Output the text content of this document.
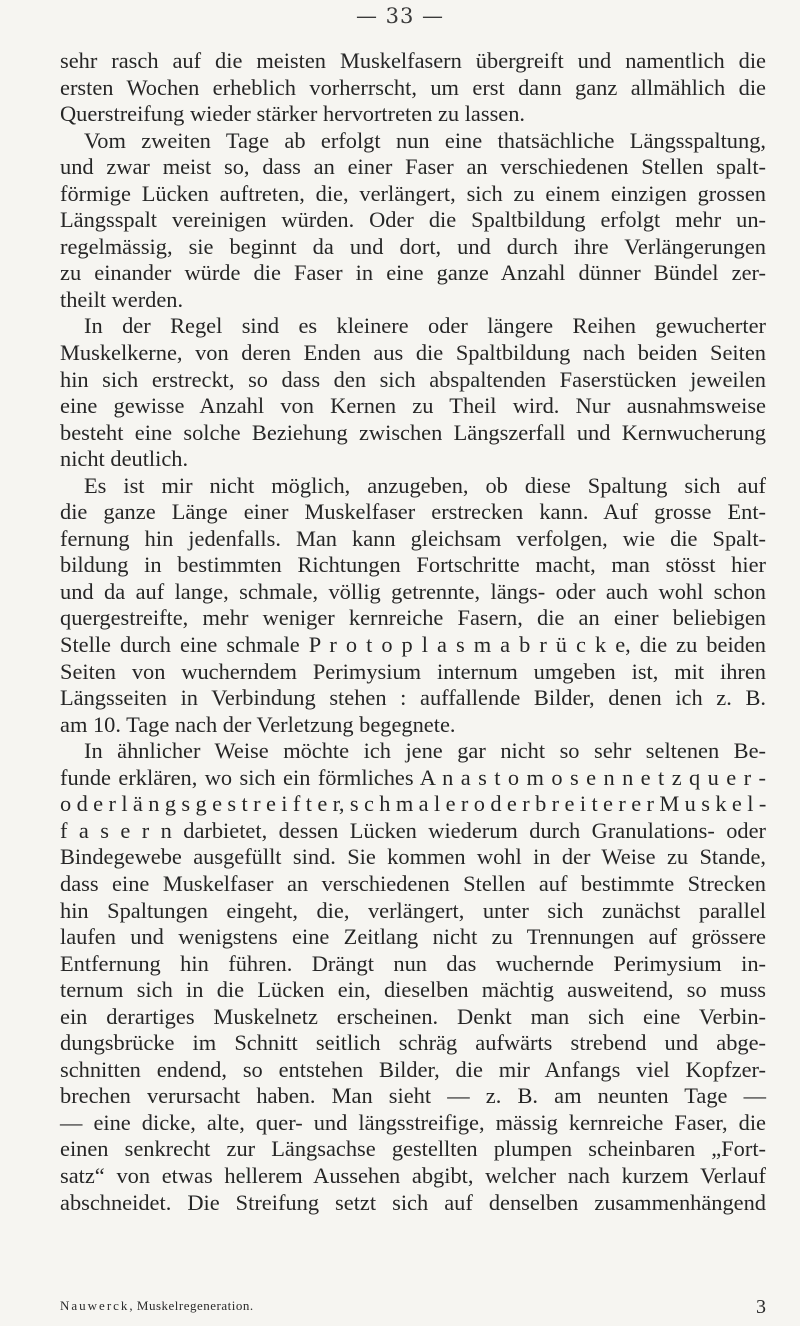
— 33 —
sehr rasch auf die meisten Muskelfasern übergreift und namentlich die
ersten Wochen erheblich vorherrscht, um erst dann ganz allmählich die
Querstreifung wieder stärker hervortreten zu lassen.
Vom zweiten Tage ab erfolgt nun eine thatsächliche Längsspaltung,
und zwar meist so, dass an einer Faser an verschiedenen Stellen spalt-
förmige Lücken auftreten, die, verlängert, sich zu einem einzigen grossen
Längsspalt vereinigen würden. Oder die Spaltbildung erfolgt mehr un-
regelmässig, sie beginnt da und dort, und durch ihre Verlängerungen
zu einander würde die Faser in eine ganze Anzahl dünner Bündel zer-
theilt werden.
In der Regel sind es kleinere oder längere Reihen gewucherter
Muskelkerne, von deren Enden aus die Spaltbildung nach beiden Seiten
hin sich erstreckt, so dass den sich abspaltenden Faserstücken jeweilen
eine gewisse Anzahl von Kernen zu Theil wird. Nur ausnahmsweise
besteht eine solche Beziehung zwischen Längszerfall und Kernwucherung
nicht deutlich.
Es ist mir nicht möglich, anzugeben, ob diese Spaltung sich auf
die ganze Länge einer Muskelfaser erstrecken kann. Auf grosse Ent-
fernung hin jedenfalls. Man kann gleichsam verfolgen, wie die Spalt-
bildung in bestimmten Richtungen Fortschritte macht, man stösst hier
und da auf lange, schmale, völlig getrennte, längs- oder auch wohl schon
quergestreifte, mehr weniger kernreiche Fasern, die an einer beliebigen
Stelle durch eine schmale P r o t o p l a s m a b r ü c k e, die zu beiden
Seiten von wucherndem Perimysium internum umgeben ist, mit ihren
Längsseiten in Verbindung stehen : auffallende Bilder, denen ich z. B.
am 10. Tage nach der Verletzung begegnete.
In ähnlicher Weise möchte ich jene gar nicht so sehr seltenen Be-
funde erklären, wo sich ein förmliches A n a s t o m o s e n n e t z q u e r -
o d e r l ä n g s g e s t r e i f t e r, s c h m a l e r o d e r b r e i t e r e r M u s k e l -
f a s e r n darbietet, dessen Lücken wiederum durch Granulations- oder
Bindegewebe ausgefüllt sind. Sie kommen wohl in der Weise zu Stande,
dass eine Muskelfaser an verschiedenen Stellen auf bestimmte Strecken
hin Spaltungen eingeht, die, verlängert, unter sich zunächst parallel
laufen und wenigstens eine Zeitlang nicht zu Trennungen auf grössere
Entfernung hin führen. Drängt nun das wuchernde Perimysium in-
ternum sich in die Lücken ein, dieselben mächtig ausweitend, so muss
ein derartiges Muskelnetz erscheinen. Denkt man sich eine Verbin-
dungsbrücke im Schnitt seitlich schräg aufwärts strebend und abge-
schnitten endend, so entstehen Bilder, die mir Anfangs viel Kopfzer-
brechen verursacht haben. Man sieht — z. B. am neunten Tage —
— eine dicke, alte, quer- und längsstreifige, mässig kernreiche Faser, die
einen senkrecht zur Längsachse gestellten plumpen scheinbaren „Fort-
satz“ von etwas hellerem Aussehen abgibt, welcher nach kurzem Verlauf
abschneidet. Die Streifung setzt sich auf denselben zusammenhängend
Nauwerck, Muskelregeneration.	3
